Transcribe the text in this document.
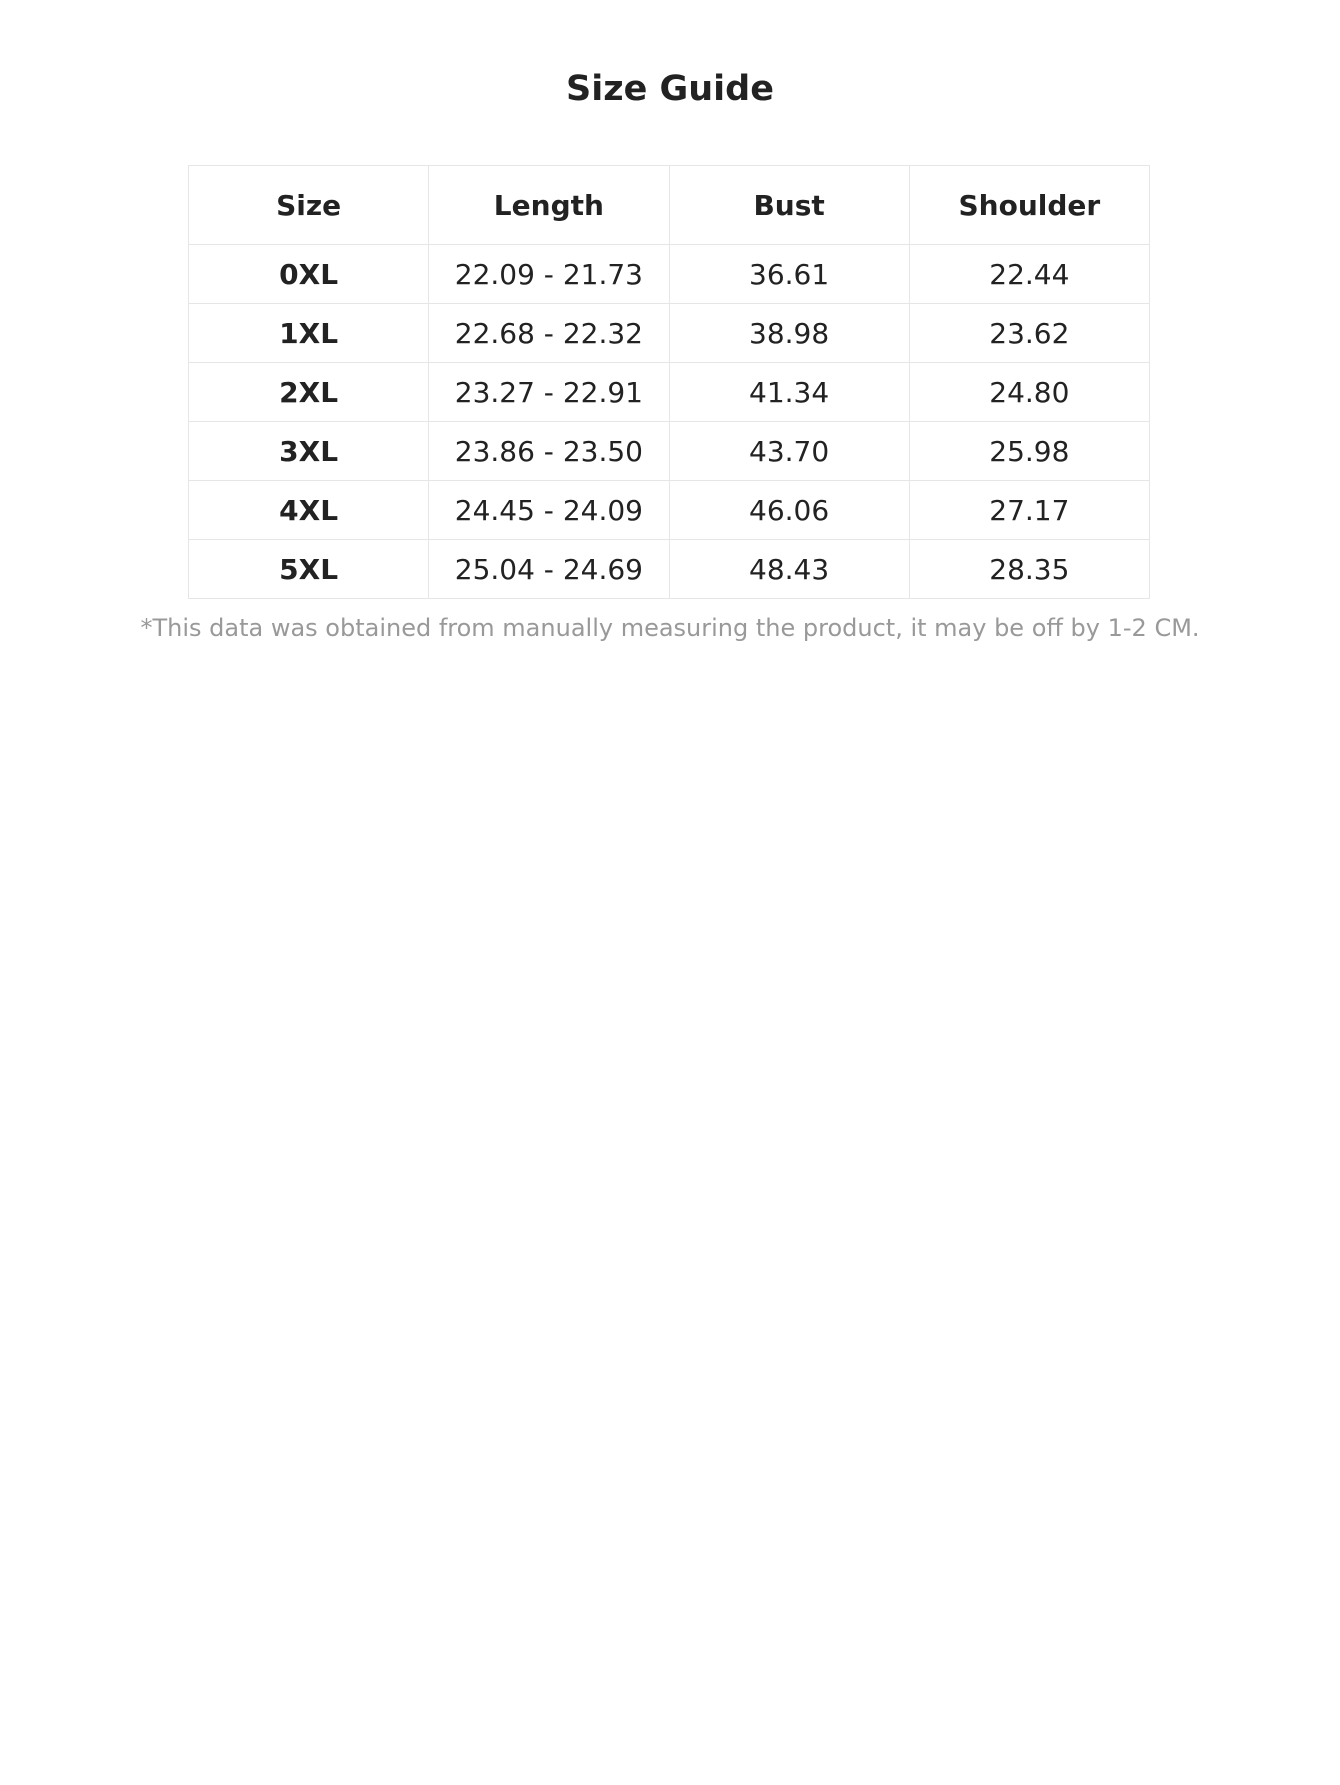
Size Guide
Size	Length	Bust	Shoulder
0XL	22.09 - 21.73	36.61	22.44
1XL	22.68 - 22.32	38.98	23.62
2XL	23.27 - 22.91	41.34	24.80
3XL	23.86 - 23.50	43.70	25.98
4XL	24.45 - 24.09	46.06	27.17
5XL	25.04 - 24.69	48.43	28.35

*This data was obtained from manually measuring the product, it may be off by 1-2 CM.
